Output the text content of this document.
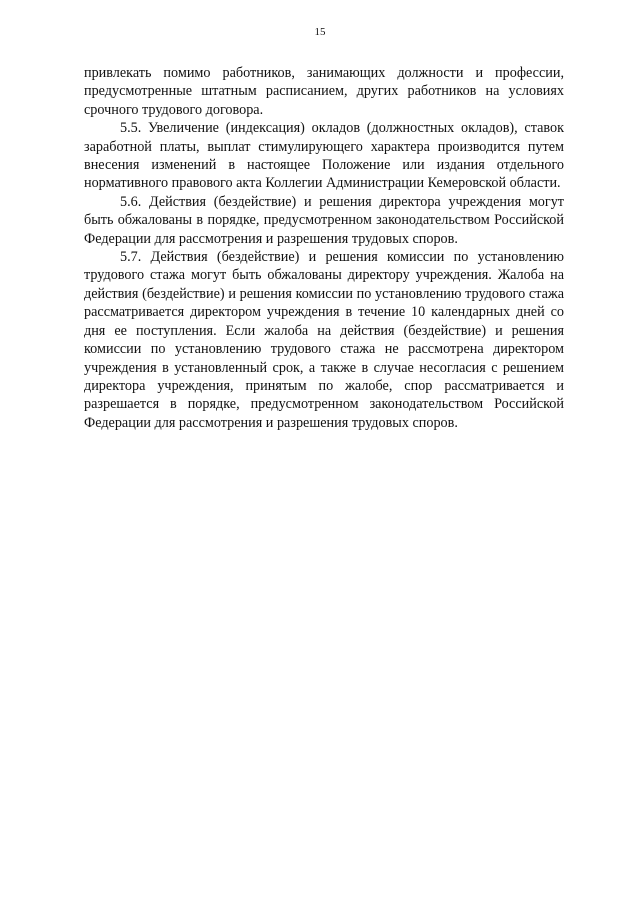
15

привлекать помимо работников, занимающих должности и профессии, предусмотренные штатным расписанием, других работников на условиях срочного трудового договора.

5.5. Увеличение (индексация) окладов (должностных окладов), ставок заработной платы, выплат стимулирующего характера производится путем внесения изменений в настоящее Положение или издания отдельного нормативного правового акта Коллегии Администрации Кемеровской области.

5.6. Действия (бездействие) и решения директора учреждения могут быть обжалованы в порядке, предусмотренном законодательством Российской Федерации для рассмотрения и разрешения трудовых споров.

5.7. Действия (бездействие) и решения комиссии по установлению трудового стажа могут быть обжалованы директору учреждения. Жалоба на действия (бездействие) и решения комиссии по установлению трудового стажа рассматривается директором учреждения в течение 10 календарных дней со дня ее поступления. Если жалоба на действия (бездействие) и решения комиссии по установлению трудового стажа не рассмотрена директором учреждения в установленный срок, а также в случае несогласия с решением директора учреждения, принятым по жалобе, спор рассматривается и разрешается в порядке, предусмотренном законодательством Российской Федерации для рассмотрения и разрешения трудовых споров.
